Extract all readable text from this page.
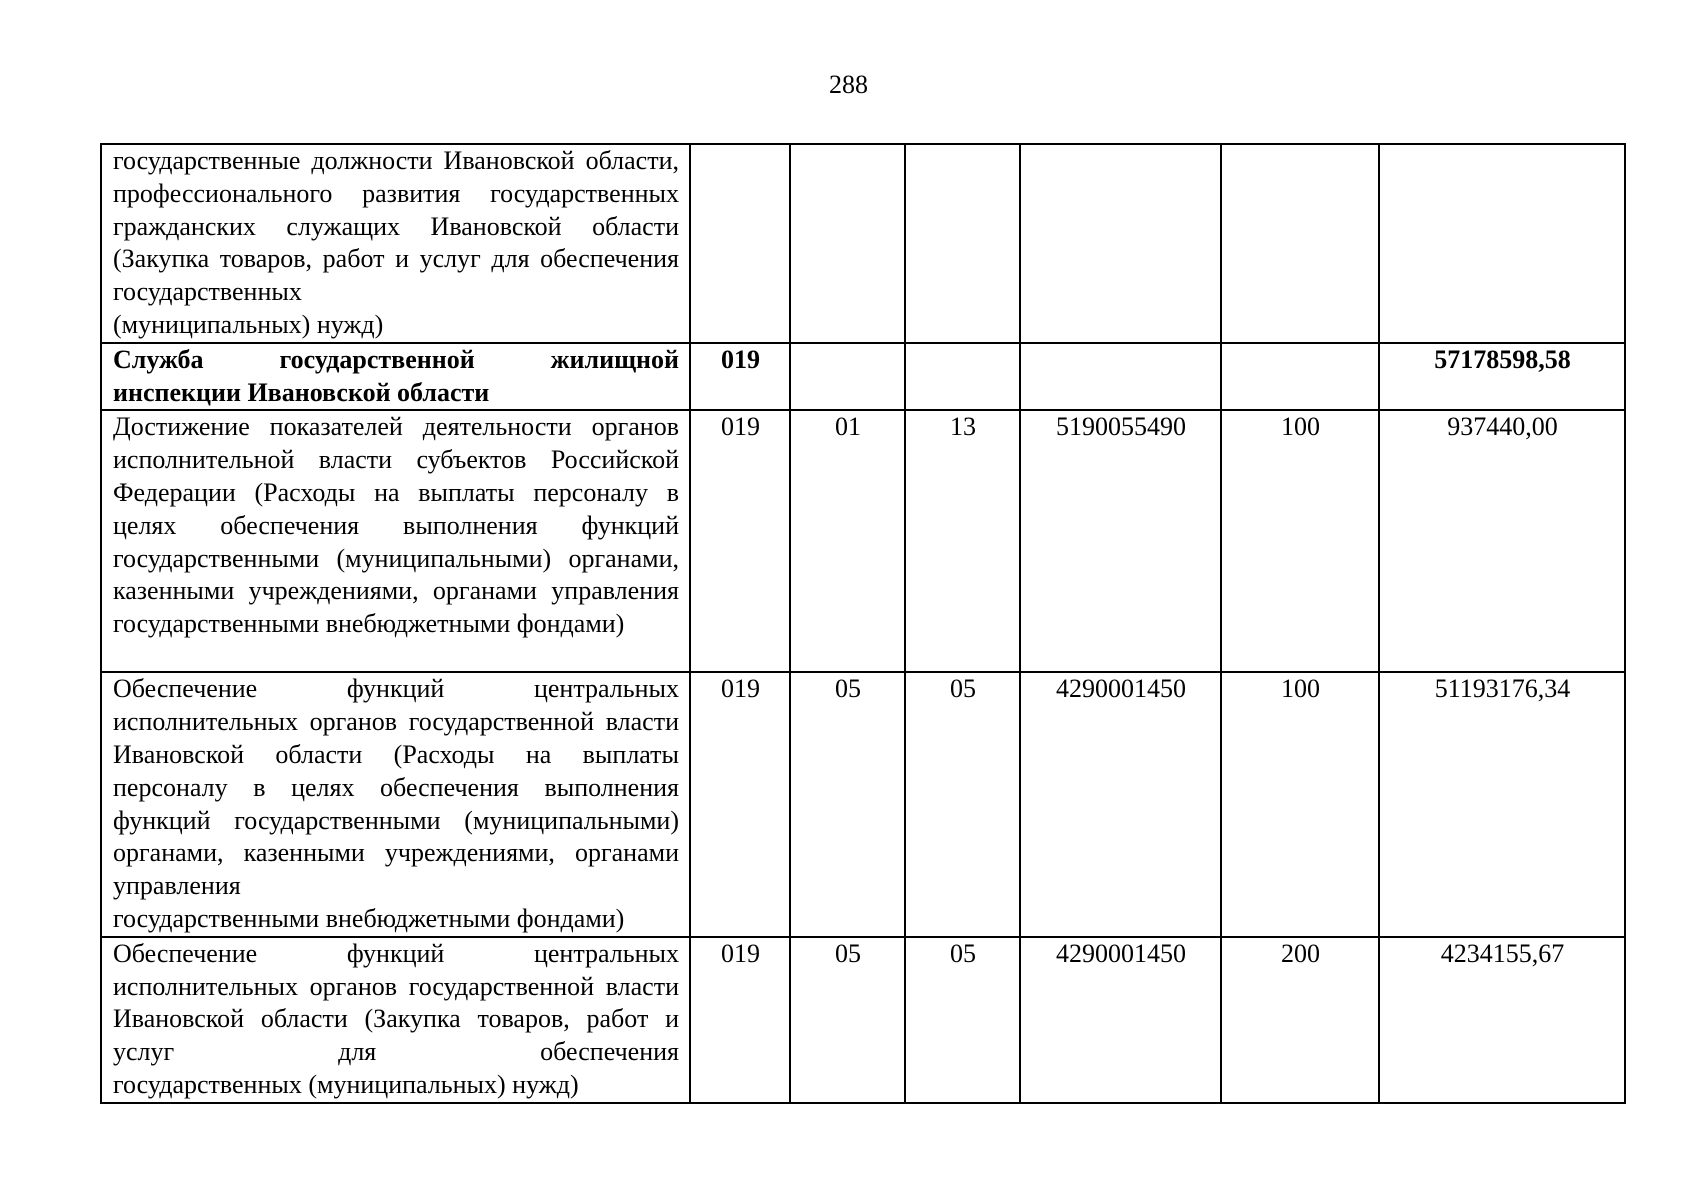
288
государственные должности Ивановской области, профессионального развития государственных гражданских служащих Ивановской области (Закупка товаров, работ и услуг для обеспечения государственных
(муниципальных) нужд)						

Служба государственной жилищной
инспекции Ивановской области	019					57178598,58
Достижение показателей деятельности органов исполнительной власти субъектов Российской Федерации (Расходы на выплаты персоналу в целях обеспечения выполнения функций государственными (муниципальными) органами, казенными учреждениями, органами управления
государственными внебюджетными фондами)	019	01	13	5190055490	100	937440,00
Обеспечение функций центральных исполнительных органов государственной власти Ивановской области (Расходы на выплаты персоналу в целях обеспечения выполнения функций государственными (муниципальными) органами, казенными учреждениями, органами управления
государственными внебюджетными фондами)	019	05	05	4290001450	100	51193176,34
Обеспечение функций центральных исполнительных органов государственной власти Ивановской области (Закупка товаров, работ и услуг для обеспечения
государственных (муниципальных) нужд)	019	05	05	4290001450	200	4234155,67
